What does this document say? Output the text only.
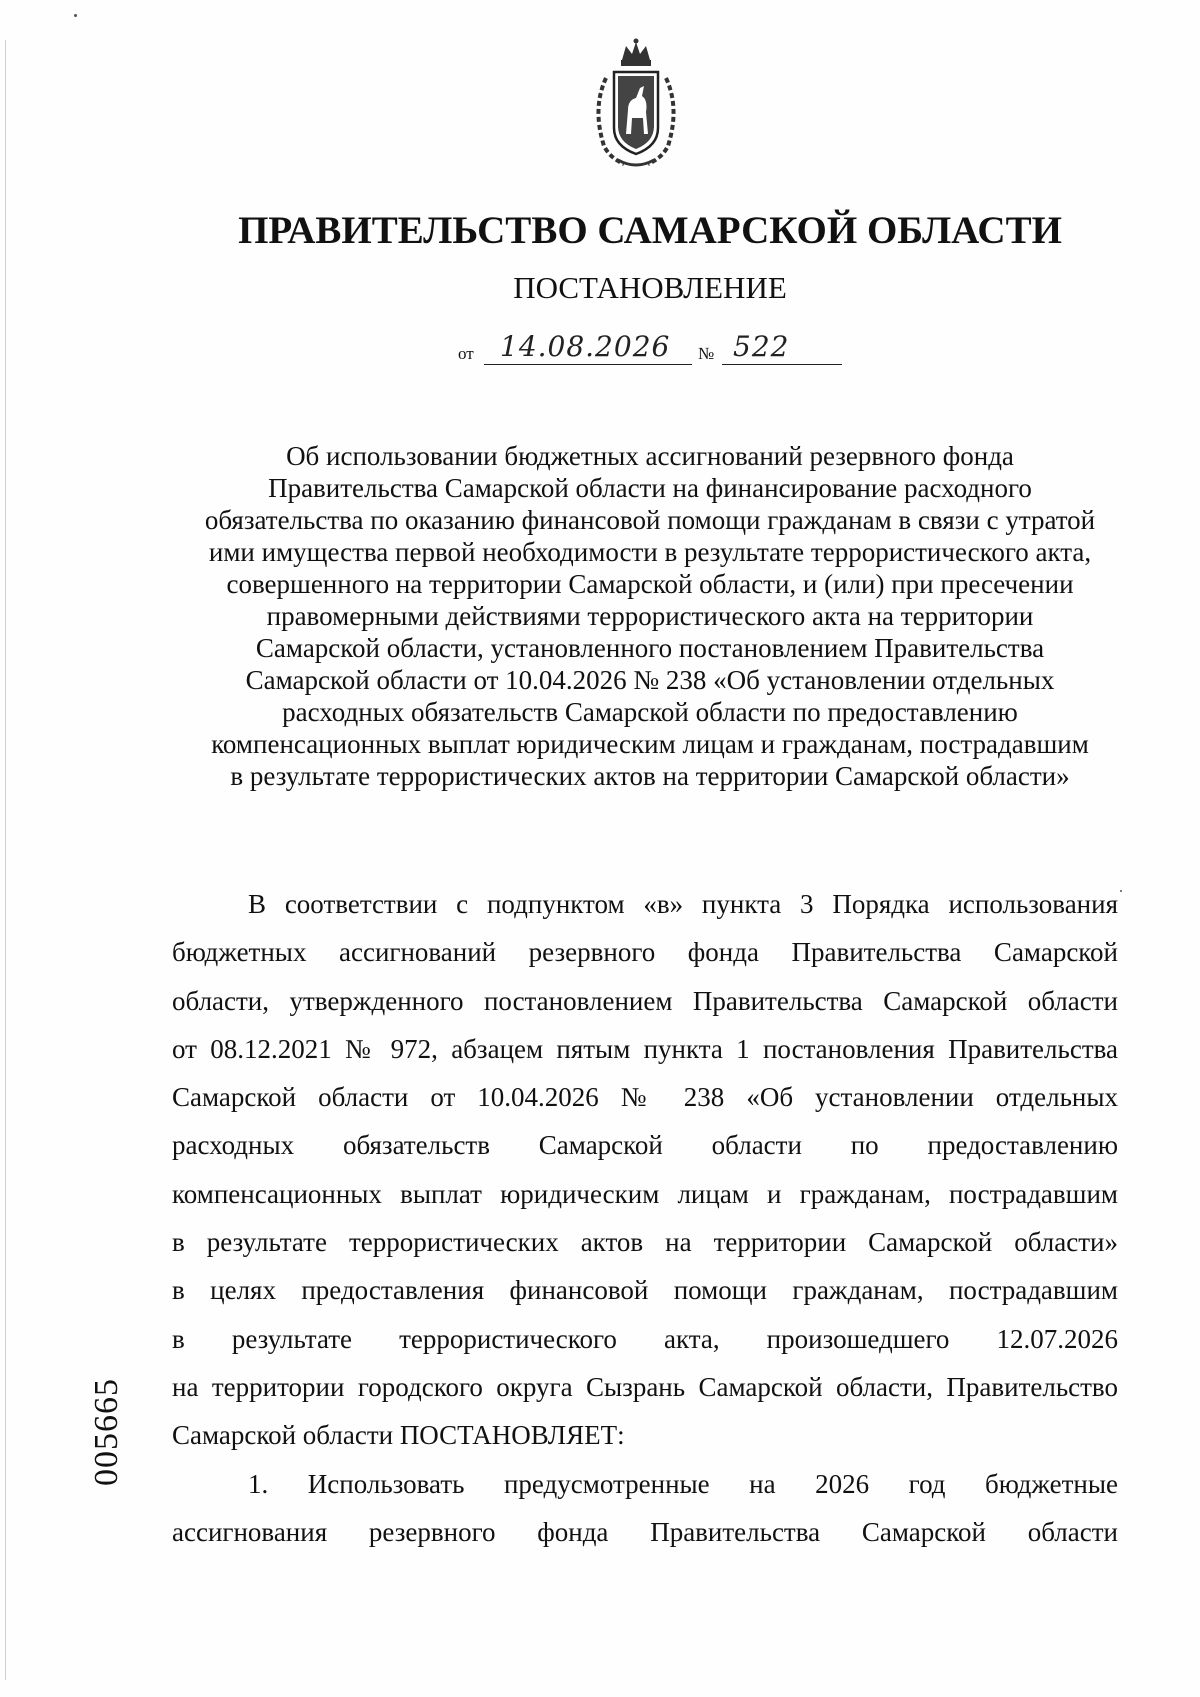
ПРАВИТЕЛЬСТВО САМАРСКОЙ ОБЛАСТИ
ПОСТАНОВЛЕНИЕ
от 14.08.2026 № 522
Об использовании бюджетных ассигнований резервного фонда
Правительства Самарской области на финансирование расходного
обязательства по оказанию финансовой помощи гражданам в связи с утратой
ими имущества первой необходимости в результате террористического акта,
совершенного на территории Самарской области, и (или) при пресечении
правомерными действиями террористического акта на территории
Самарской области, установленного постановлением Правительства
Самарской области от 10.04.2026 № 238 «Об установлении отдельных
расходных обязательств Самарской области по предоставлению
компенсационных выплат юридическим лицам и гражданам, пострадавшим
в результате террористических актов на территории Самарской области»
В соответствии с подпунктом «в» пункта 3 Порядка использования
бюджетных ассигнований резервного фонда Правительства Самарской
области, утвержденного постановлением Правительства Самарской области
от 08.12.2021 № 972, абзацем пятым пункта 1 постановления Правительства
Самарской области от 10.04.2026 № 238 «Об установлении отдельных
расходных обязательств Самарской области по предоставлению
компенсационных выплат юридическим лицам и гражданам, пострадавшим
в результате террористических актов на территории Самарской области»
в целях предоставления финансовой помощи гражданам, пострадавшим
в результате террористического акта, произошедшего 12.07.2026
на территории городского округа Сызрань Самарской области, Правительство
Самарской области ПОСТАНОВЛЯЕТ:
1. Использовать предусмотренные на 2026 год бюджетные
ассигнования резервного фонда Правительства Самарской области
005665
